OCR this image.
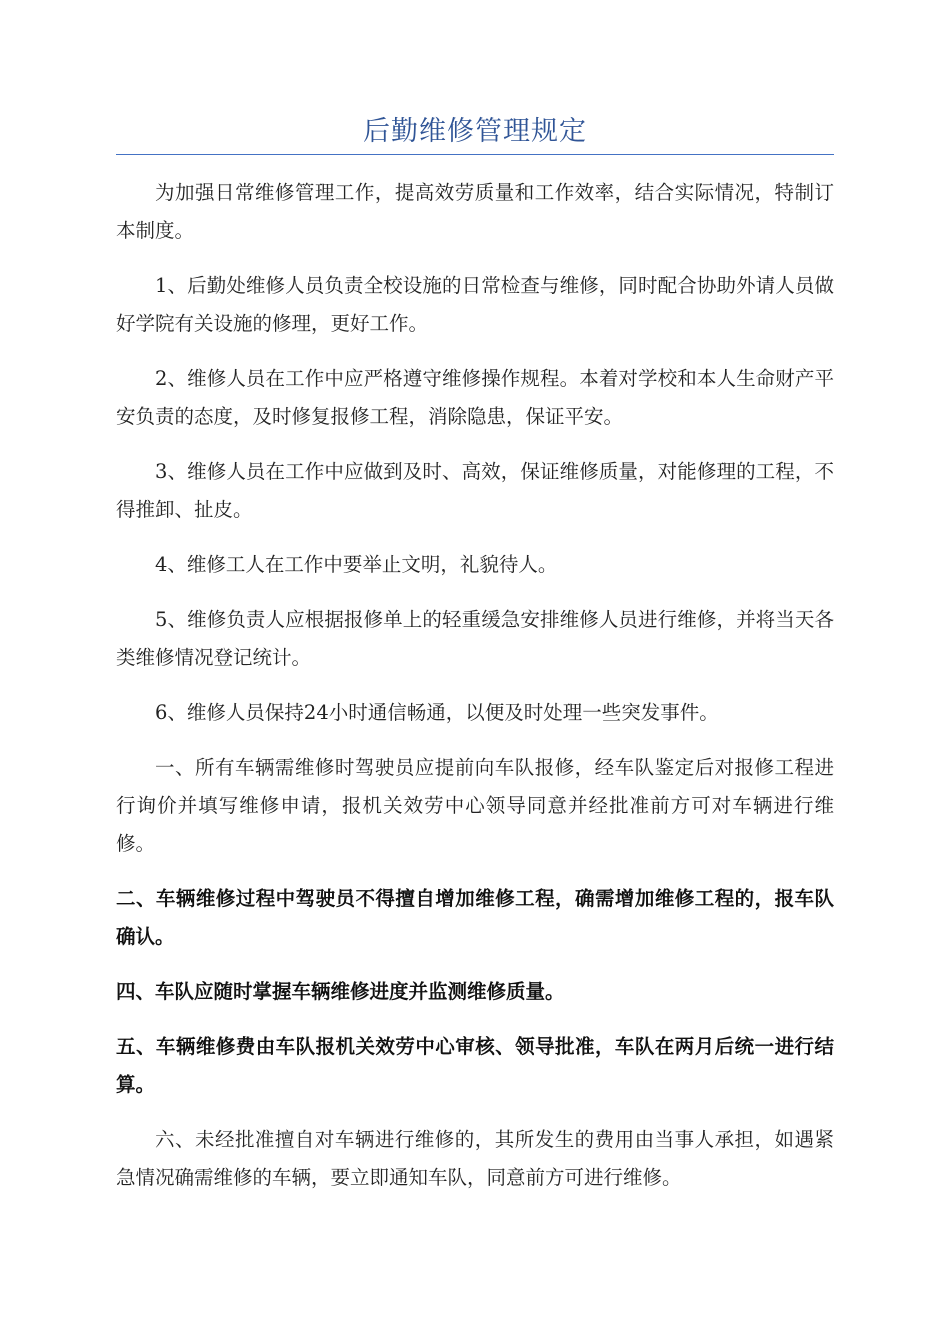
后勤维修管理规定

为加强日常维修管理工作，提高效劳质量和工作效率，结合实际情况，特制订本制度。

1、后勤处维修人员负责全校设施的日常检查与维修，同时配合协助外请人员做好学院有关设施的修理，更好工作。

2、维修人员在工作中应严格遵守维修操作规程。本着对学校和本人生命财产平安负责的态度，及时修复报修工程，消除隐患，保证平安。

3、维修人员在工作中应做到及时、高效，保证维修质量，对能修理的工程，不得推卸、扯皮。

4、维修工人在工作中要举止文明，礼貌待人。

5、维修负责人应根据报修单上的轻重缓急安排维修人员进行维修，并将当天各类维修情况登记统计。

6、维修人员保持24小时通信畅通，以便及时处理一些突发事件。

一、所有车辆需维修时驾驶员应提前向车队报修，经车队鉴定后对报修工程进行询价并填写维修申请，报机关效劳中心领导同意并经批准前方可对车辆进行维修。

二、车辆维修过程中驾驶员不得擅自增加维修工程，确需增加维修工程的，报车队确认。

四、车队应随时掌握车辆维修进度并监测维修质量。

五、车辆维修费由车队报机关效劳中心审核、领导批准，车队在两月后统一进行结算。

六、未经批准擅自对车辆进行维修的，其所发生的费用由当事人承担，如遇紧急情况确需维修的车辆，要立即通知车队，同意前方可进行维修。
